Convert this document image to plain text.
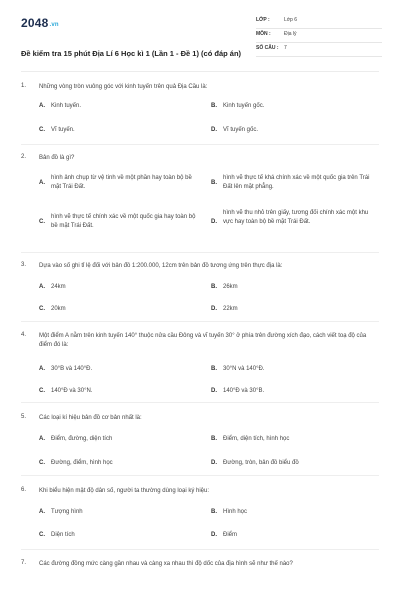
2048.vn
Đề kiểm tra 15 phút Địa Lí 6 Học kì 1 (Lần 1 - Đề 1) (có đáp án)
LỚP :	Lớp 6
MÔN :	Địa lý
SỐ CÂU : 7
1. Những vòng tròn vuông góc với kinh tuyến trên quả Địa Cầu là:
A. Kinh tuyến.	B. Kinh tuyến gốc.
C. Vĩ tuyến.	D. Vĩ tuyến gốc.
2. Bản đồ là gì?
A.
hình ảnh chụp từ vệ tinh về một phần hay toàn bộ bề mặt Trái Đất.
B.
hình vẽ thực tế khá chính xác về một quốc gia trên Trái Đất lên mặt phẳng.
C.
hình vẽ thực tế chính xác về một quốc gia hay toàn bộ bề mặt Trái Đất.
D.
hình vẽ thu nhỏ trên giấy, tương đối chính xác một khu vực hay toàn bộ bề mặt Trái Đất.
3. Dựa vào số ghi tỉ lệ đối với bản đồ 1:200.000, 12cm trên bản đồ tương ứng trên thực địa là:
A. 24km	B. 26km
C. 20km	D. 22km
4. Một điểm A nằm trên kinh tuyến 140° thuộc nửa cầu Đông và vĩ tuyến 30° ở phía trên đường xích đạo, cách viết toạ độ của điểm đó là:
A. 30°B và 140°Đ.	B. 30°N và 140°Đ.
C. 140°Đ và 30°N.	D. 140°Đ và 30°B.
5. Các loại kí hiệu bản đồ cơ bản nhất là:
A. Điểm, đường, diện tích	B. Điểm, diện tích, hình học
C. Đường, điểm, hình học	D. Đường, tròn, bản đồ biểu đồ
6. Khi biểu hiện mật độ dân số, người ta thường dùng loại ký hiệu:
A. Tượng hình	B. Hình học
C. Diện tích	D. Điểm
7. Các đường đồng mức càng gần nhau và càng xa nhau thì độ dốc của địa hình sẽ như thế nào?
